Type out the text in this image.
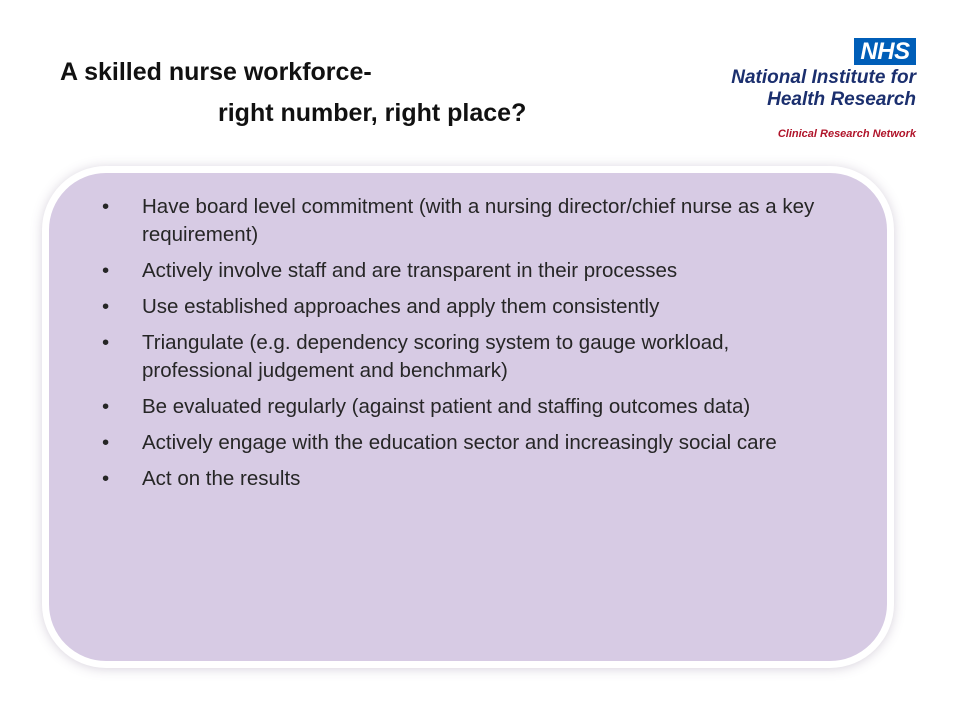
A skilled nurse workforce-
right number, right place?
NHS
National Institute for
Health Research
Clinical Research Network
•	Have board level commitment (with a nursing director/chief nurse as a key requirement)
•	Actively involve staff and are transparent in their processes
•	Use established approaches and apply them consistently
•	Triangulate (e.g. dependency scoring system to gauge workload, professional judgement and benchmark)
•	Be evaluated regularly (against patient and staffing outcomes data)
•	Actively engage with the education sector and increasingly social care
•	Act on the results
